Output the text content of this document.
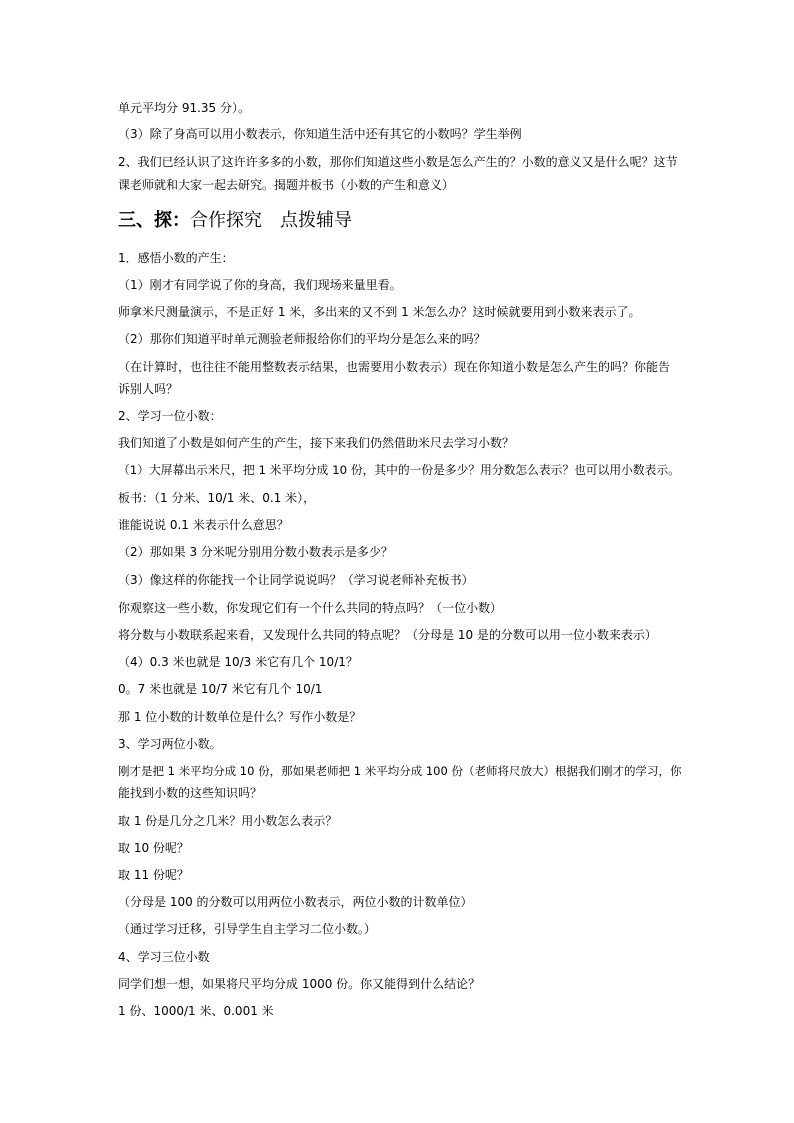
单元平均分 91.35 分）。
（3）除了身高可以用小数表示，你知道生活中还有其它的小数吗？学生举例
2、我们已经认识了这许许多多的小数，那你们知道这些小数是怎么产生的？小数的意义又是什么呢？这节
课老师就和大家一起去研究。揭题并板书（小数的产生和意义）
三、探：合作探究　点拨辅导
1．感悟小数的产生：
（1）刚才有同学说了你的身高，我们现场来量里看。
师拿米尺测量演示，不是正好 1 米，多出来的又不到 1 米怎么办？这时候就要用到小数来表示了。
（2）那你们知道平时单元测验老师报给你们的平均分是怎么来的吗？
（在计算时，也往往不能用整数表示结果，也需要用小数表示）现在你知道小数是怎么产生的吗？你能告
诉别人吗？
2、学习一位小数：
我们知道了小数是如何产生的产生，接下来我们仍然借助米尺去学习小数？
（1）大屏幕出示米尺，把 1 米平均分成 10 份，其中的一份是多少？用分数怎么表示？也可以用小数表示。
板书：（1 分米、10/1 米、0.1 米），
谁能说说 0.1 米表示什么意思？
（2）那如果 3 分米呢分别用分数小数表示是多少？
（3）像这样的你能找一个让同学说说吗？（学习说老师补充板书）
你观察这一些小数，你发现它们有一个什么共同的特点吗？（一位小数）
将分数与小数联系起来看，又发现什么共同的特点呢？（分母是 10 是的分数可以用一位小数来表示）
（4）0.3 米也就是 10/3 米它有几个 10/1？
0。7 米也就是 10/7 米它有几个 10/1
那 1 位小数的计数单位是什么？写作小数是？
3、学习两位小数。
刚才是把 1 米平均分成 10 份，那如果老师把 1 米平均分成 100 份（老师将尺放大）根据我们刚才的学习，你
能找到小数的这些知识吗？
取 1 份是几分之几米？用小数怎么表示？
取 10 份呢？
取 11 份呢？
（分母是 100 的分数可以用两位小数表示，两位小数的计数单位）
（通过学习迁移，引导学生自主学习二位小数。）
4、学习三位小数
同学们想一想，如果将尺平均分成 1000 份。你又能得到什么结论？
1 份、1000/1 米、0.001 米
